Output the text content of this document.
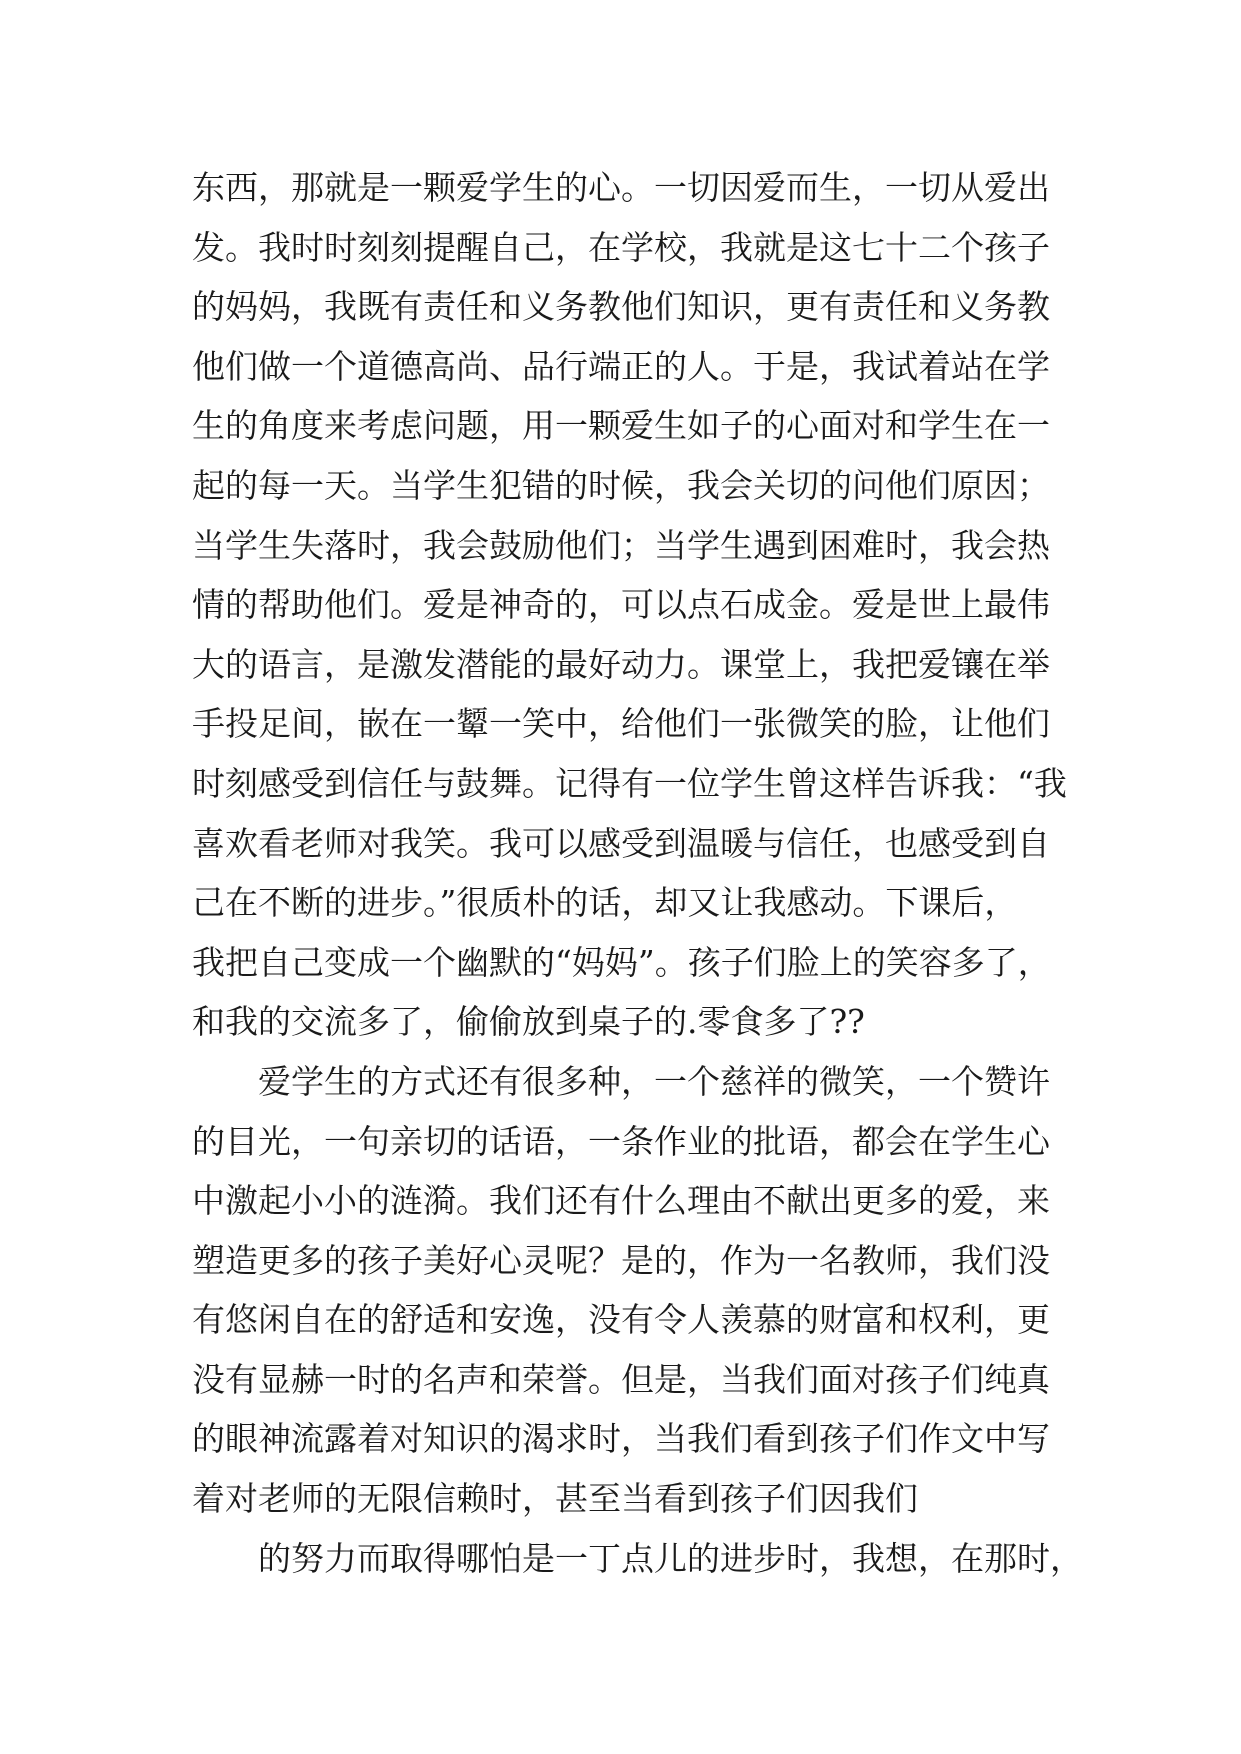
东西，那就是一颗爱学生的心。一切因爱而生，一切从爱出
发。我时时刻刻提醒自己，在学校，我就是这七十二个孩子
的妈妈，我既有责任和义务教他们知识，更有责任和义务教
他们做一个道德高尚、品行端正的人。于是，我试着站在学
生的角度来考虑问题，用一颗爱生如子的心面对和学生在一
起的每一天。当学生犯错的时候，我会关切的问他们原因；
当学生失落时，我会鼓励他们；当学生遇到困难时，我会热
情的帮助他们。爱是神奇的，可以点石成金。爱是世上最伟
大的语言，是激发潜能的最好动力。课堂上，我把爱镶在举
手投足间，嵌在一颦一笑中，给他们一张微笑的脸，让他们
时刻感受到信任与鼓舞。记得有一位学生曾这样告诉我：“我
喜欢看老师对我笑。我可以感受到温暖与信任，也感受到自
己在不断的进步。”很质朴的话，却又让我感动。下课后，
我把自己变成一个幽默的“妈妈”。孩子们脸上的笑容多了，
和我的交流多了，偷偷放到桌子的.零食多了??
爱学生的方式还有很多种，一个慈祥的微笑，一个赞许
的目光，一句亲切的话语，一条作业的批语，都会在学生心
中激起小小的涟漪。我们还有什么理由不献出更多的爱，来
塑造更多的孩子美好心灵呢？是的，作为一名教师，我们没
有悠闲自在的舒适和安逸，没有令人羡慕的财富和权利，更
没有显赫一时的名声和荣誉。但是，当我们面对孩子们纯真
的眼神流露着对知识的渴求时，当我们看到孩子们作文中写
着对老师的无限信赖时，甚至当看到孩子们因我们
的努力而取得哪怕是一丁点儿的进步时，我想，在那时，
